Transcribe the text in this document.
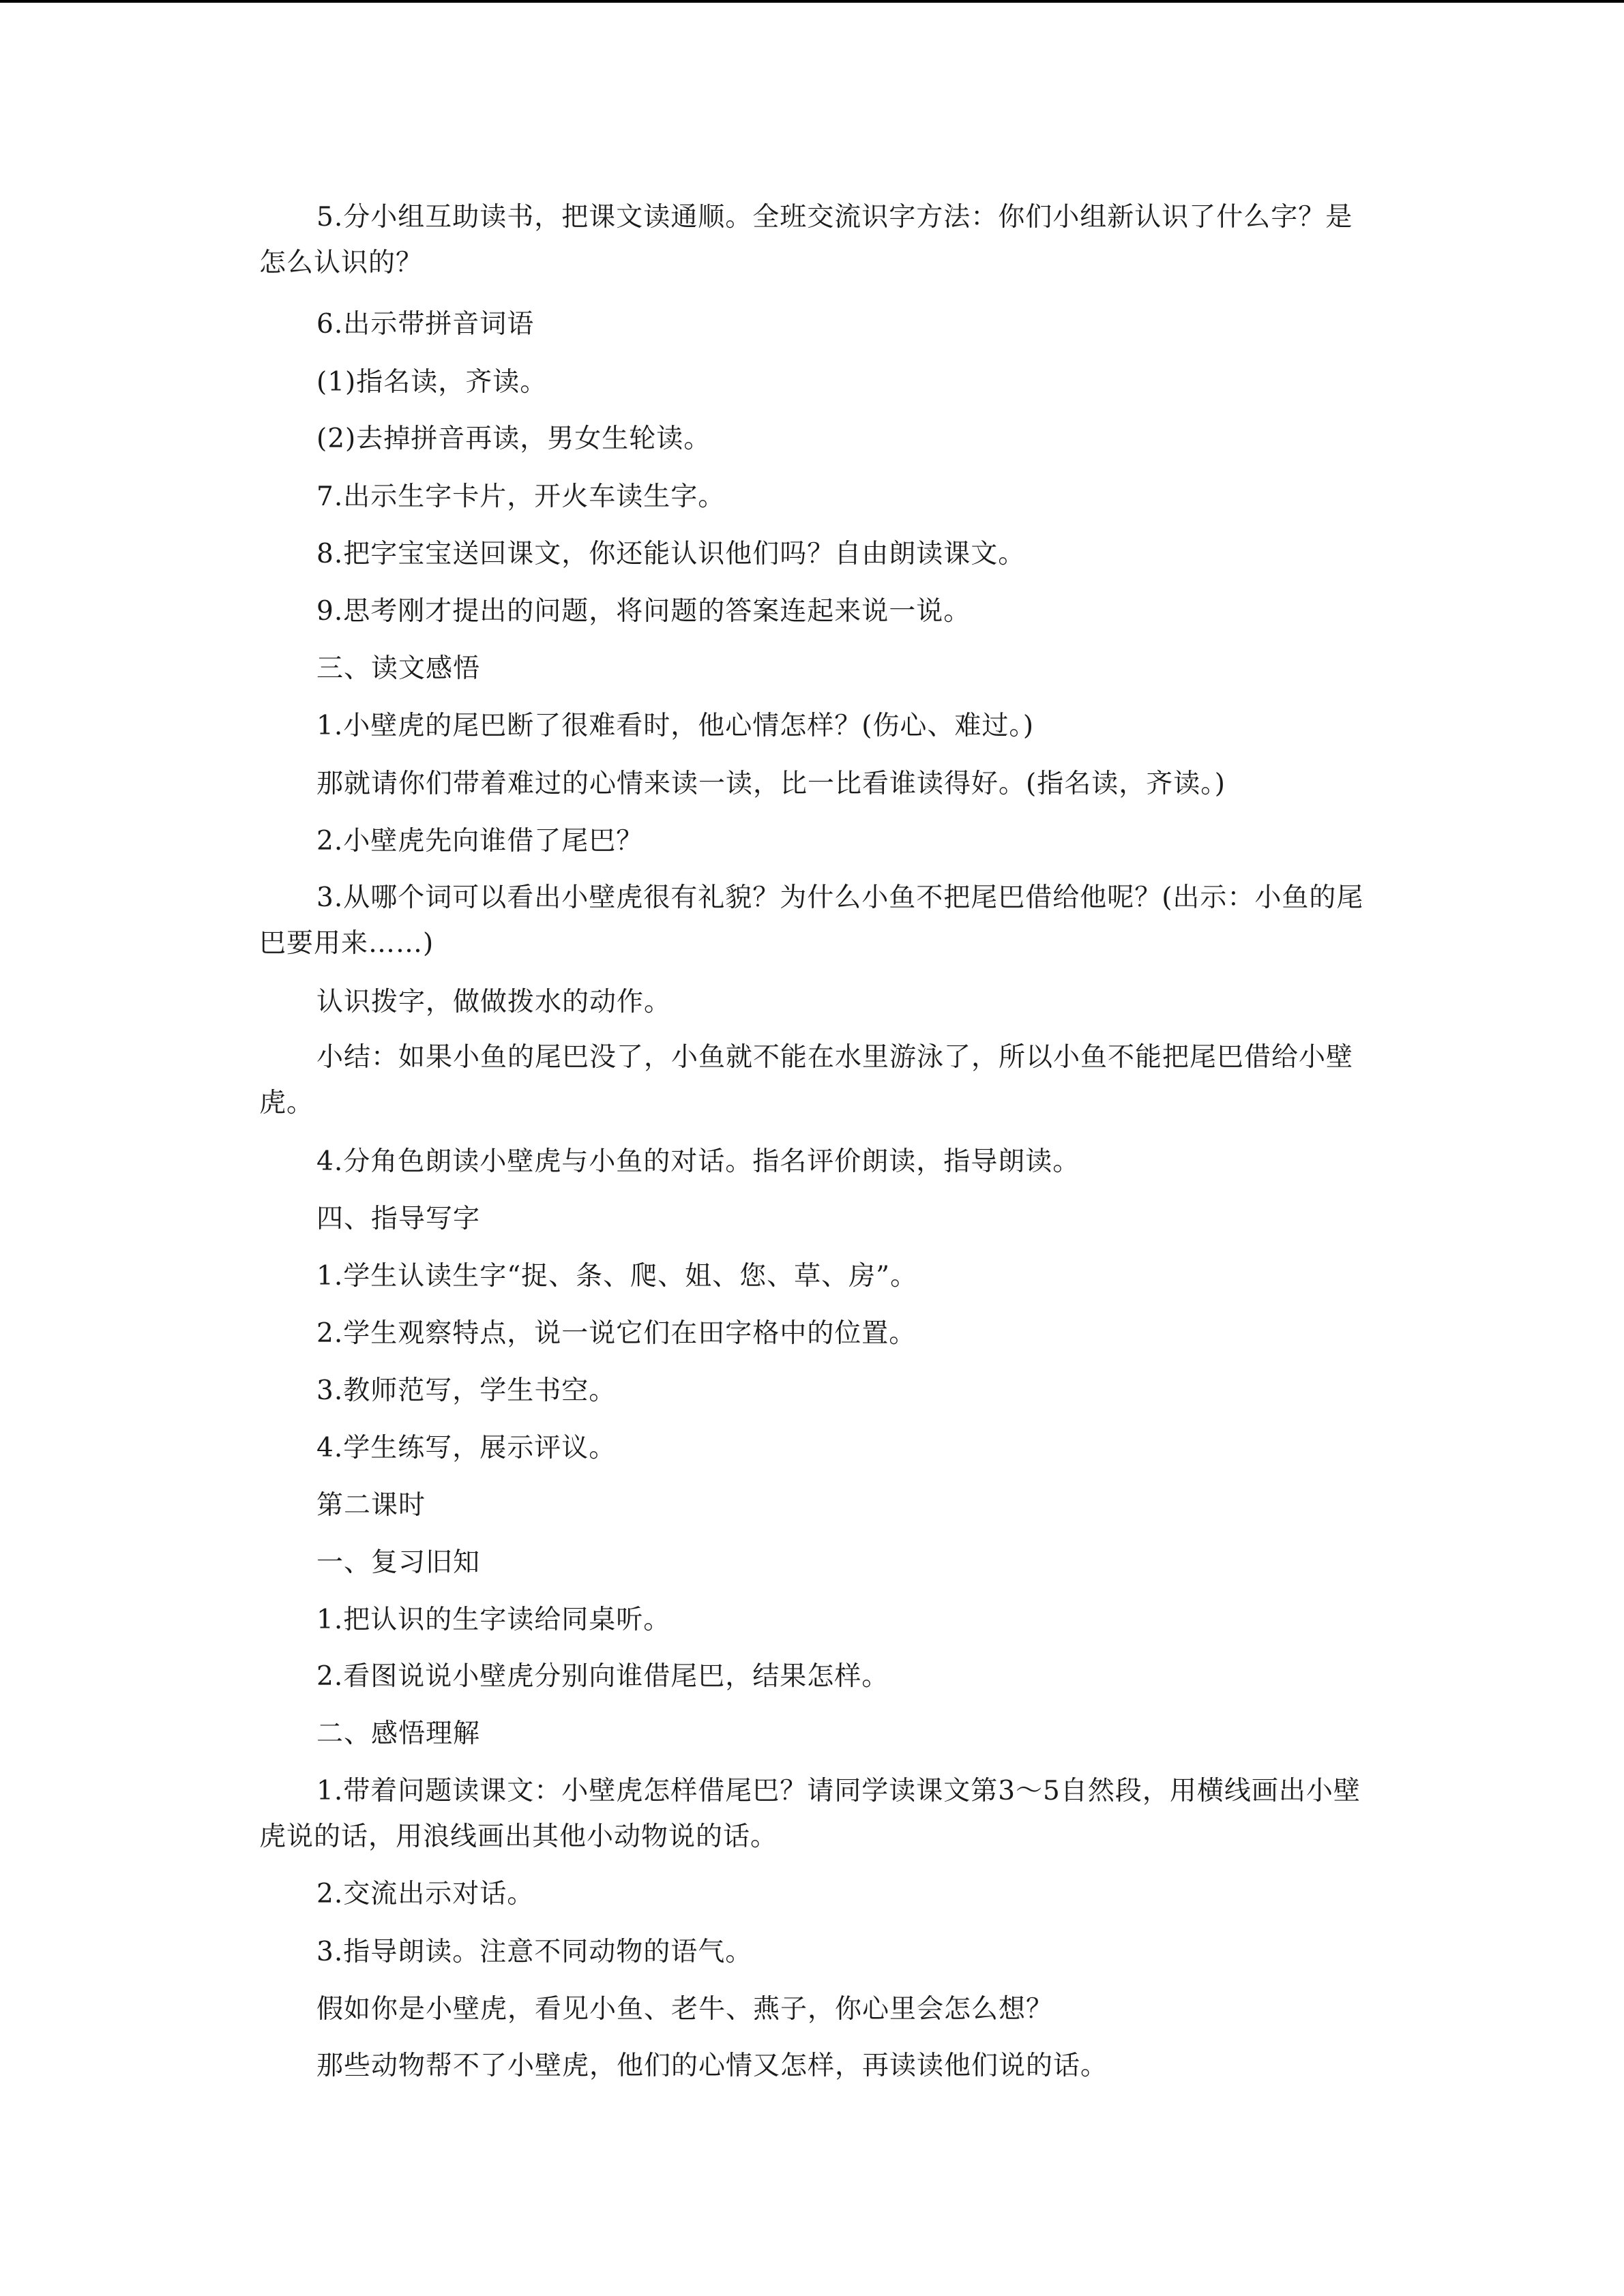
5.分小组互助读书，把课文读通顺。全班交流识字方法：你们小组新认识了什么字？是怎么认识的？

6.出示带拼音词语

(1)指名读，齐读。

(2)去掉拼音再读，男女生轮读。

7.出示生字卡片，开火车读生字。

8.把字宝宝送回课文，你还能认识他们吗？自由朗读课文。

9.思考刚才提出的问题，将问题的答案连起来说一说。

三、读文感悟

1.小壁虎的尾巴断了很难看时，他心情怎样？(伤心、难过。)

那就请你们带着难过的心情来读一读，比一比看谁读得好。(指名读，齐读。)

2.小壁虎先向谁借了尾巴？

3.从哪个词可以看出小壁虎很有礼貌？为什么小鱼不把尾巴借给他呢？(出示：小鱼的尾巴要用来……)

认识拨字，做做拨水的动作。

小结：如果小鱼的尾巴没了，小鱼就不能在水里游泳了，所以小鱼不能把尾巴借给小壁虎。

4.分角色朗读小壁虎与小鱼的对话。指名评价朗读，指导朗读。

四、指导写字

1.学生认读生字“捉、条、爬、姐、您、草、房”。

2.学生观察特点，说一说它们在田字格中的位置。

3.教师范写，学生书空。

4.学生练写，展示评议。

第二课时

一、复习旧知

1.把认识的生字读给同桌听。

2.看图说说小壁虎分别向谁借尾巴，结果怎样。

二、感悟理解

1.带着问题读课文：小壁虎怎样借尾巴？请同学读课文第3～5自然段，用横线画出小壁虎说的话，用浪线画出其他小动物说的话。

2.交流出示对话。

3.指导朗读。注意不同动物的语气。

假如你是小壁虎，看见小鱼、老牛、燕子，你心里会怎么想？

那些动物帮不了小壁虎，他们的心情又怎样，再读读他们说的话。
